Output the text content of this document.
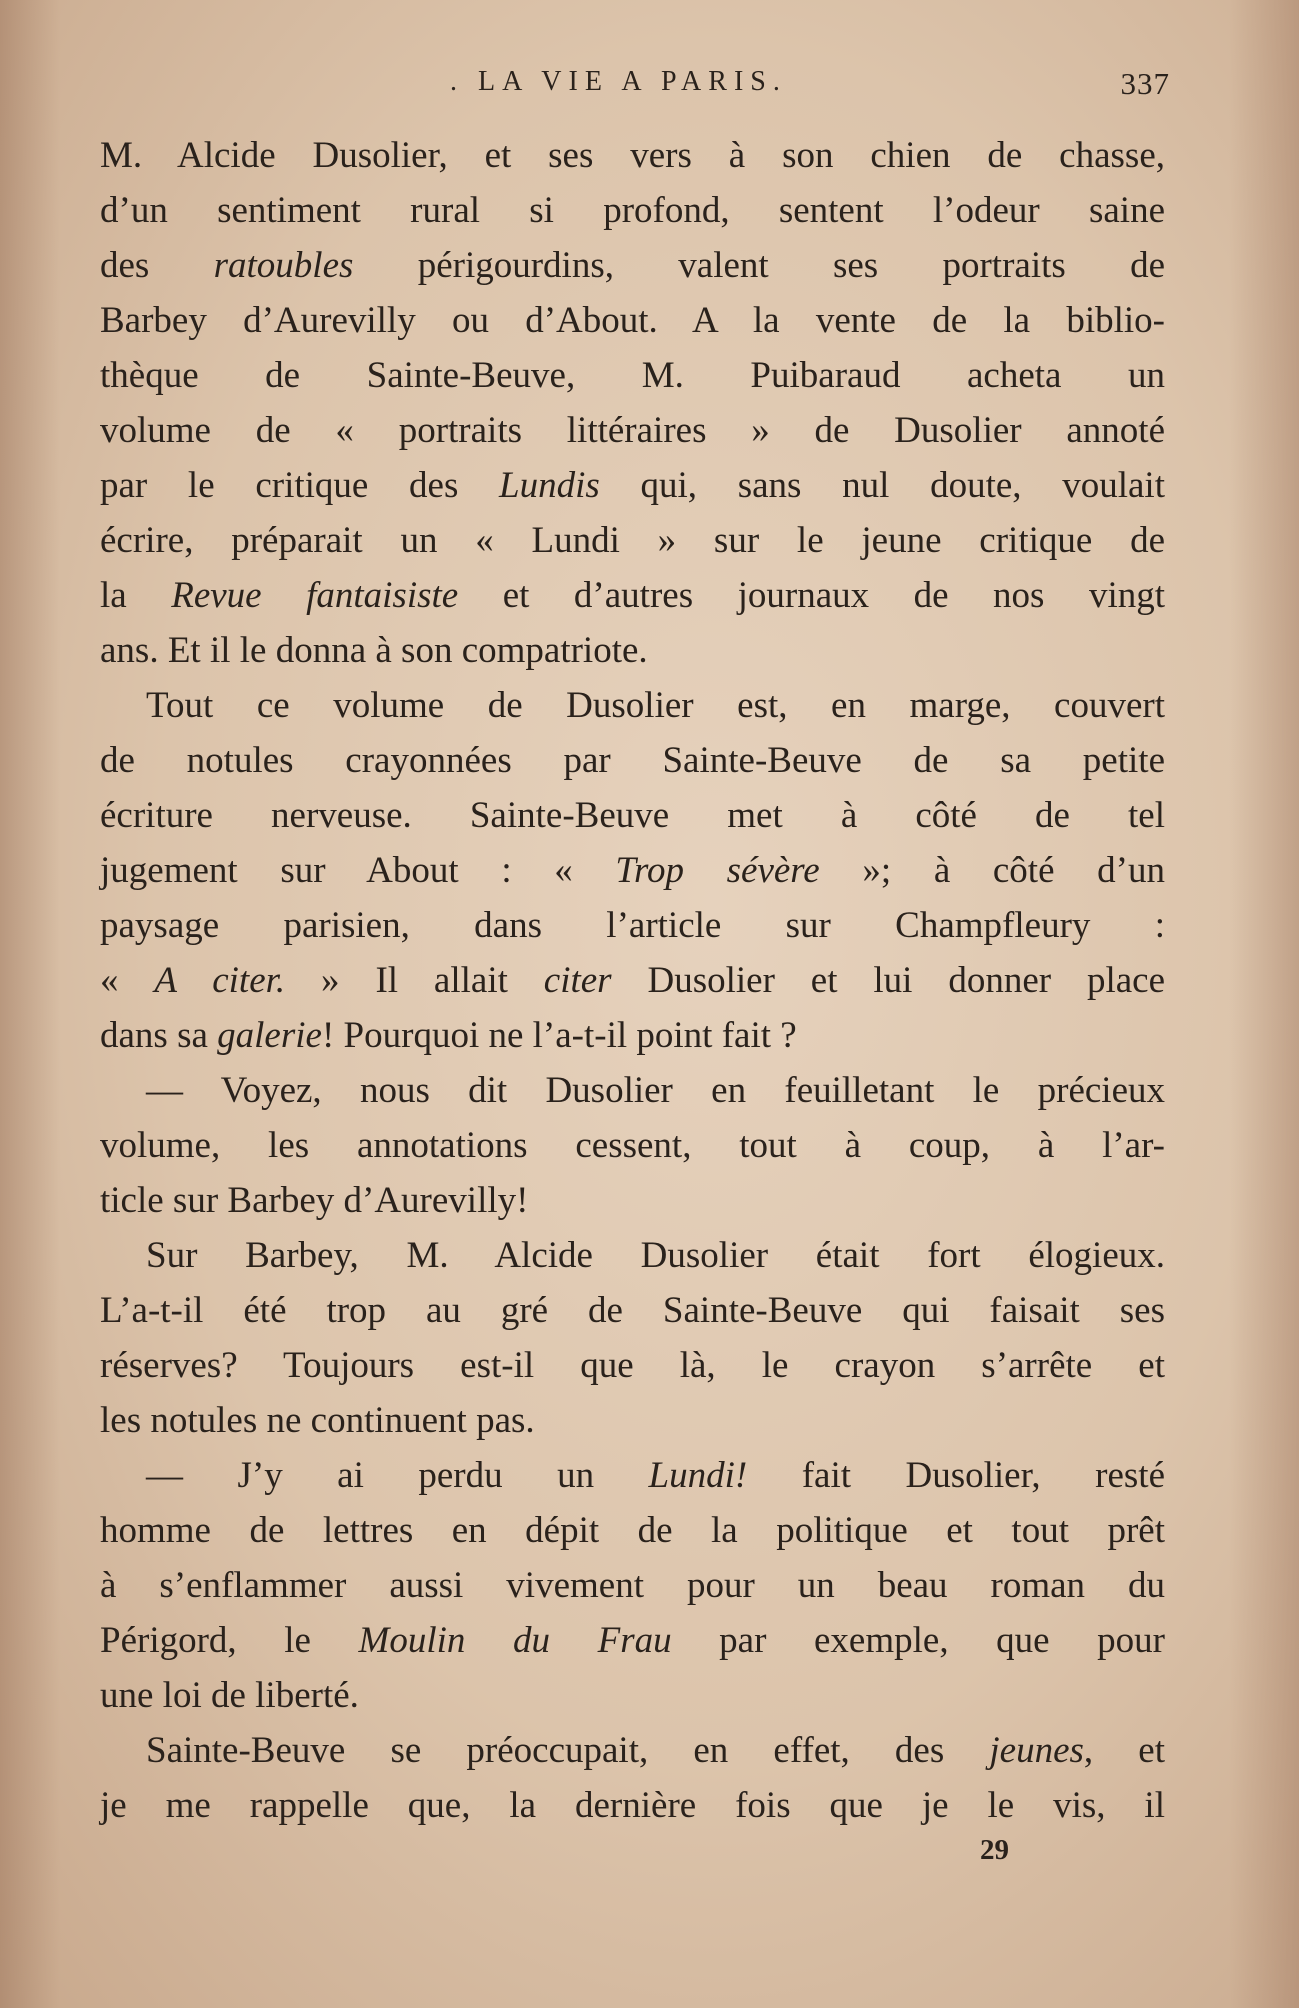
. LA VIE A PARIS.	337
M. Alcide Dusolier, et ses vers à son chien de chasse,
d’un sentiment rural si profond, sentent l’odeur saine
des ratoubles périgourdins, valent ses portraits de
Barbey d’Aurevilly ou d’About. A la vente de la biblio-
thèque de Sainte-Beuve, M. Puibaraud acheta un
volume de « portraits littéraires » de Dusolier annoté
par le critique des Lundis qui, sans nul doute, voulait
écrire, préparait un « Lundi » sur le jeune critique de
la Revue fantaisiste et d’autres journaux de nos vingt
ans. Et il le donna à son compatriote.
Tout ce volume de Dusolier est, en marge, couvert
de notules crayonnées par Sainte-Beuve de sa petite
écriture nerveuse. Sainte-Beuve met à côté de tel
jugement sur About : « Trop sévère »; à côté d’un
paysage parisien, dans l’article sur Champfleury :
« A citer. » Il allait citer Dusolier et lui donner place
dans sa galerie! Pourquoi ne l’a-t-il point fait ?
— Voyez, nous dit Dusolier en feuilletant le précieux
volume, les annotations cessent, tout à coup, à l’ar-
ticle sur Barbey d’Aurevilly!
Sur Barbey, M. Alcide Dusolier était fort élogieux.
L’a-t-il été trop au gré de Sainte-Beuve qui faisait ses
réserves? Toujours est-il que là, le crayon s’arrête et
les notules ne continuent pas.
— J’y ai perdu un Lundi! fait Dusolier, resté
homme de lettres en dépit de la politique et tout prêt
à s’enflammer aussi vivement pour un beau roman du
Périgord, le Moulin du Frau par exemple, que pour
une loi de liberté.
Sainte-Beuve se préoccupait, en effet, des jeunes, et
je me rappelle que, la dernière fois que je le vis, il
29
